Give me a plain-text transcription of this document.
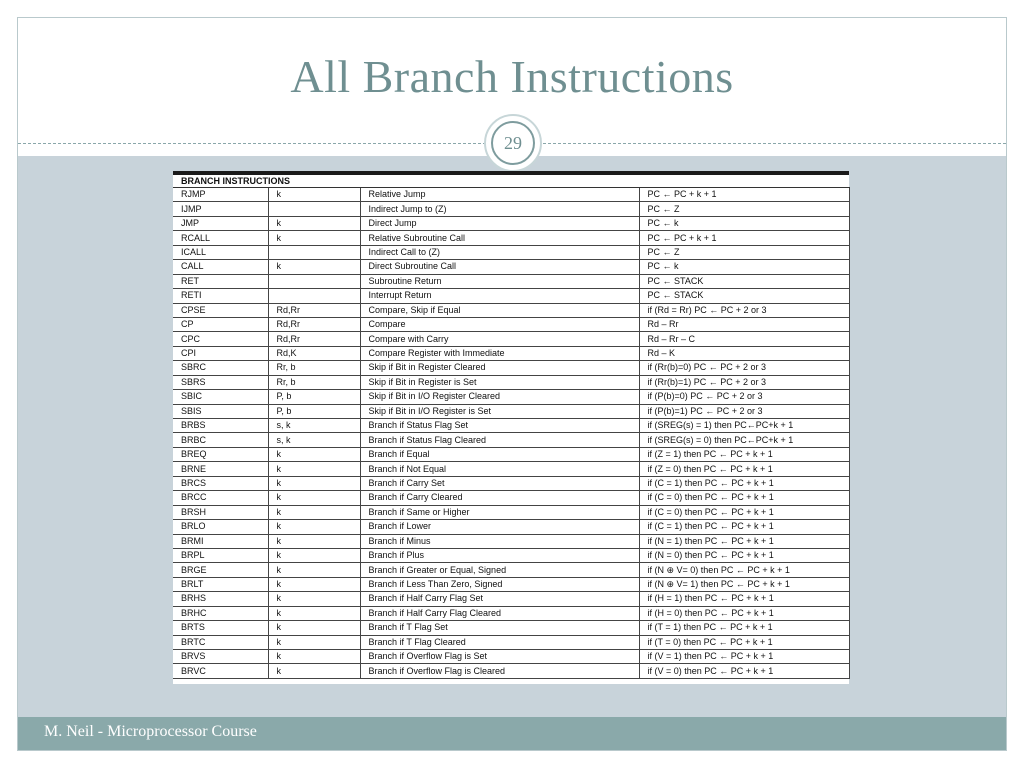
All Branch Instructions
29
BRANCH INSTRUCTIONS			
RJMP	k	Relative Jump	PC ← PC + k + 1
IJMP		Indirect Jump to (Z)	PC ← Z
JMP	k	Direct Jump	PC ← k
RCALL	k	Relative Subroutine Call	PC ← PC + k + 1
ICALL		Indirect Call to (Z)	PC ← Z
CALL	k	Direct Subroutine Call	PC ← k
RET		Subroutine Return	PC ← STACK
RETI		Interrupt Return	PC ← STACK
CPSE	Rd,Rr	Compare, Skip if Equal	if (Rd = Rr) PC ← PC + 2 or 3
CP	Rd,Rr	Compare	Rd – Rr
CPC	Rd,Rr	Compare with Carry	Rd – Rr – C
CPI	Rd,K	Compare Register with Immediate	Rd – K
SBRC	Rr, b	Skip if Bit in Register Cleared	if (Rr(b)=0) PC ← PC + 2 or 3
SBRS	Rr, b	Skip if Bit in Register is Set	if (Rr(b)=1) PC ← PC + 2 or 3
SBIC	P, b	Skip if Bit in I/O Register Cleared	if (P(b)=0) PC ← PC + 2 or 3
SBIS	P, b	Skip if Bit in I/O Register is Set	if (P(b)=1) PC ← PC + 2 or 3
BRBS	s, k	Branch if Status Flag Set	if (SREG(s) = 1) then PC←PC+k + 1
BRBC	s, k	Branch if Status Flag Cleared	if (SREG(s) = 0) then PC←PC+k + 1
BREQ	k	Branch if Equal	if (Z = 1) then PC ← PC + k + 1
BRNE	k	Branch if Not Equal	if (Z = 0) then PC ← PC + k + 1
BRCS	k	Branch if Carry Set	if (C = 1) then PC ← PC + k + 1
BRCC	k	Branch if Carry Cleared	if (C = 0) then PC ← PC + k + 1
BRSH	k	Branch if Same or Higher	if (C = 0) then PC ← PC + k + 1
BRLO	k	Branch if Lower	if (C = 1) then PC ← PC + k + 1
BRMI	k	Branch if Minus	if (N = 1) then PC ← PC + k + 1
BRPL	k	Branch if Plus	if (N = 0) then PC ← PC + k + 1
BRGE	k	Branch if Greater or Equal, Signed	if (N ⊕ V= 0) then PC ← PC + k + 1
BRLT	k	Branch if Less Than Zero, Signed	if (N ⊕ V= 1) then PC ← PC + k + 1
BRHS	k	Branch if Half Carry Flag Set	if (H = 1) then PC ← PC + k + 1
BRHC	k	Branch if Half Carry Flag Cleared	if (H = 0) then PC ← PC + k + 1
BRTS	k	Branch if T Flag Set	if (T = 1) then PC ← PC + k + 1
BRTC	k	Branch if T Flag Cleared	if (T = 0) then PC ← PC + k + 1
BRVS	k	Branch if Overflow Flag is Set	if (V = 1) then PC ← PC + k + 1
BRVC	k	Branch if Overflow Flag is Cleared	if (V = 0) then PC ← PC + k + 1
M. Neil - Microprocessor Course
